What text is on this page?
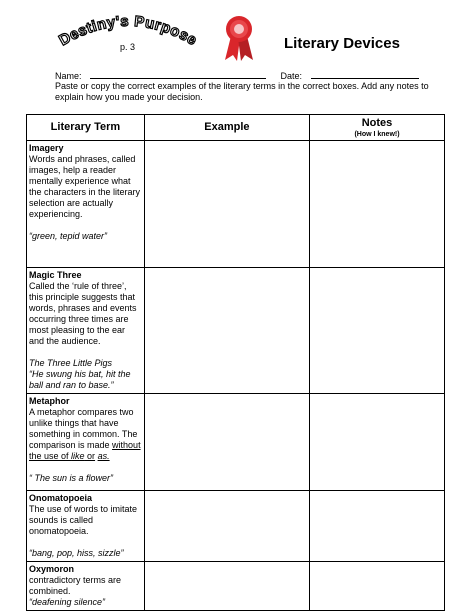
Destiny's Purpose
p. 3	Literary Devices
Name:	Date:
Paste or copy the correct examples of the literary terms in the correct boxes. Add any notes to explain how you made your decision.
Literary Term	Example	Notes
(How I knew!)

Imagery
Words and phrases, called images, help a reader mentally experience what the characters in the literary selection are actually experiencing.
“green, tepid water”		

Magic Three
Called the ‘rule of three’, this principle suggests that words, phrases and events occurring three times are most pleasing to the ear and the audience.
The Three Little Pigs
“He swung his bat, hit the ball and ran to base.”		

Metaphor
A metaphor compares two unlike things that have something in common. The comparison is made without the use of like or as.
“ The sun is a flower”		

Onomatopoeia
The use of words to imitate sounds is called onomatopoeia.
“bang, pop, hiss, sizzle”		

Oxymoron
contradictory terms are combined.
“deafening silence”		
